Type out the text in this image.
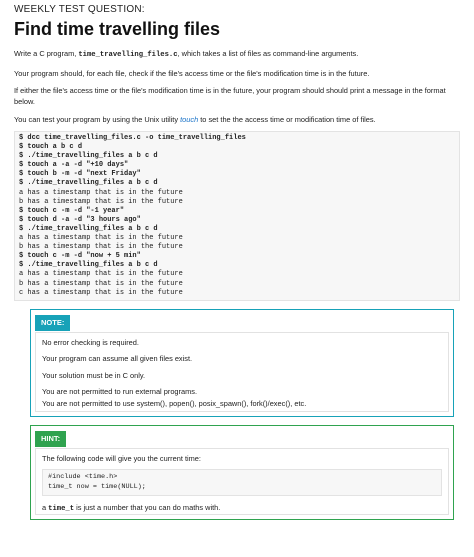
WEEKLY TEST QUESTION:
Find time travelling files
Write a C program, time_travelling_files.c, which takes a list of files as command-line arguments.
Your program should, for each file, check if the file's access time or the file's modification time is in the future.
If either the file's access time or the file's modification time is in the future, your program should should print a message in the format below.
You can test your program by using the Unix utility touch to set the the access time or modification time of files.
$ dcc time_travelling_files.c -o time_travelling_files
$ touch a b c d
$ ./time_travelling_files a b c d
$ touch a -a -d "+10 days"
$ touch b -m -d "next Friday"
$ ./time_travelling_files a b c d
a has a timestamp that is in the future
b has a timestamp that is in the future
$ touch c -m -d "-1 year"
$ touch d -a -d "3 hours ago"
$ ./time_travelling_files a b c d
a has a timestamp that is in the future
b has a timestamp that is in the future
$ touch c -m -d "now + 5 min"
$ ./time_travelling_files a b c d
a has a timestamp that is in the future
b has a timestamp that is in the future
c has a timestamp that is in the future
NOTE:
No error checking is required.
Your program can assume all given files exist.
Your solution must be in C only.
You are not permitted to run external programs.
You are not permitted to use system(), popen(), posix_spawn(), fork()/exec(), etc.
HINT:
The following code will give you the current time:
#include <time.h>
time_t now = time(NULL);
a time_t is just a number that you can do maths with.
